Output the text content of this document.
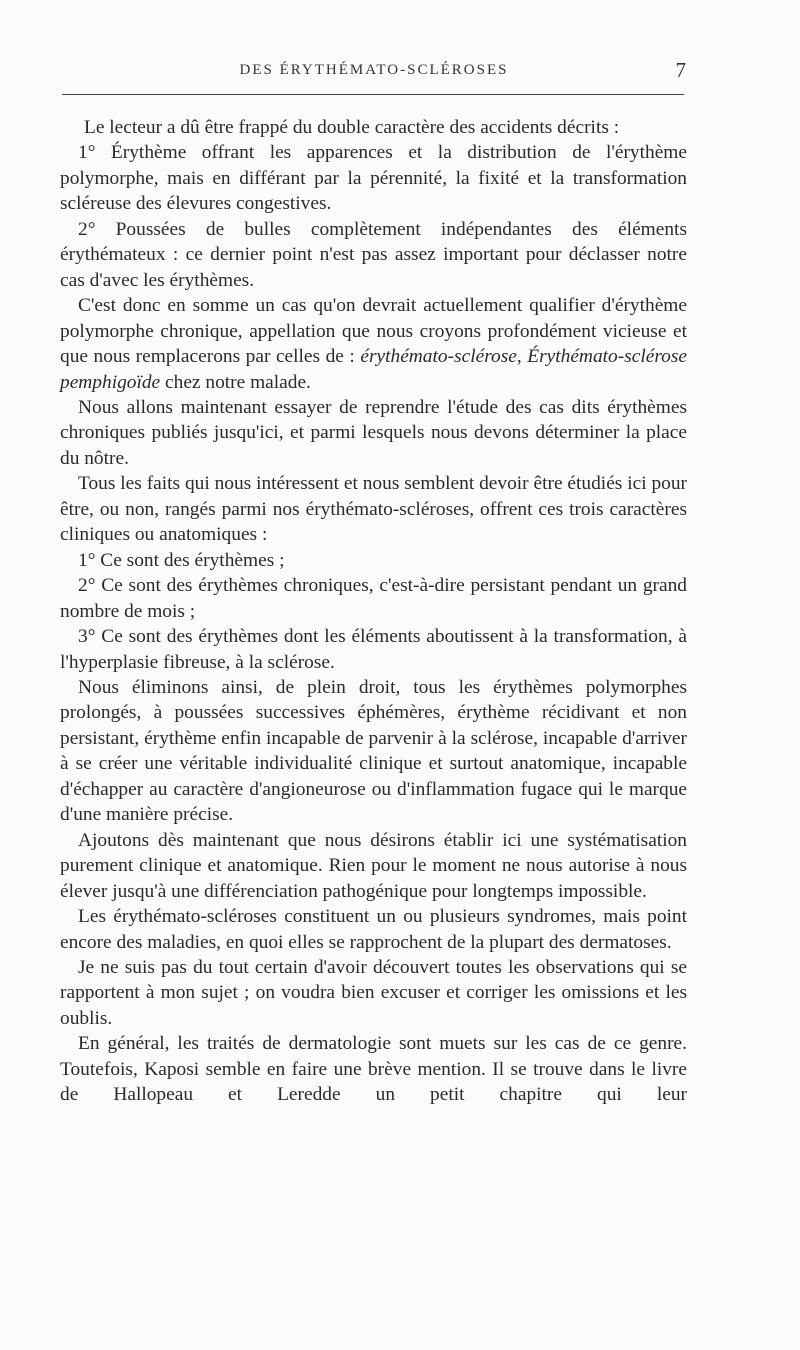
DES ÉRYTHÉMATO-SCLÉROSES	7

Le lecteur a dû être frappé du double caractère des accidents décrits :

1° Érythème offrant les apparences et la distribution de l'érythème polymorphe, mais en différant par la pérennité, la fixité et la transformation scléreuse des élevures congestives.

2° Poussées de bulles complètement indépendantes des éléments érythémateux : ce dernier point n'est pas assez important pour déclasser notre cas d'avec les érythèmes.

C'est donc en somme un cas qu'on devrait actuellement qualifier d'érythème polymorphe chronique, appellation que nous croyons profondément vicieuse et que nous remplacerons par celles de : érythémato-sclérose, Érythémato-sclérose pemphigoïde chez notre malade.

Nous allons maintenant essayer de reprendre l'étude des cas dits érythèmes chroniques publiés jusqu'ici, et parmi lesquels nous devons déterminer la place du nôtre.

Tous les faits qui nous intéressent et nous semblent devoir être étudiés ici pour être, ou non, rangés parmi nos érythémato-scléroses, offrent ces trois caractères cliniques ou anatomiques :

1° Ce sont des érythèmes ;

2° Ce sont des érythèmes chroniques, c'est-à-dire persistant pendant un grand nombre de mois ;

3° Ce sont des érythèmes dont les éléments aboutissent à la transformation, à l'hyperplasie fibreuse, à la sclérose.

Nous éliminons ainsi, de plein droit, tous les érythèmes polymorphes prolongés, à poussées successives éphémères, érythème récidivant et non persistant, érythème enfin incapable de parvenir à la sclérose, incapable d'arriver à se créer une véritable individualité clinique et surtout anatomique, incapable d'échapper au caractère d'angioneurose ou d'inflammation fugace qui le marque d'une manière précise.

Ajoutons dès maintenant que nous désirons établir ici une systématisation purement clinique et anatomique. Rien pour le moment ne nous autorise à nous élever jusqu'à une différenciation pathogénique pour longtemps impossible.

Les érythémato-scléroses constituent un ou plusieurs syndromes, mais point encore des maladies, en quoi elles se rapprochent de la plupart des dermatoses.

Je ne suis pas du tout certain d'avoir découvert toutes les observations qui se rapportent à mon sujet ; on voudra bien excuser et corriger les omissions et les oublis.

En général, les traités de dermatologie sont muets sur les cas de ce genre. Toutefois, Kaposi semble en faire une brève mention. Il se trouve dans le livre de Hallopeau et Leredde un petit chapitre qui leur
